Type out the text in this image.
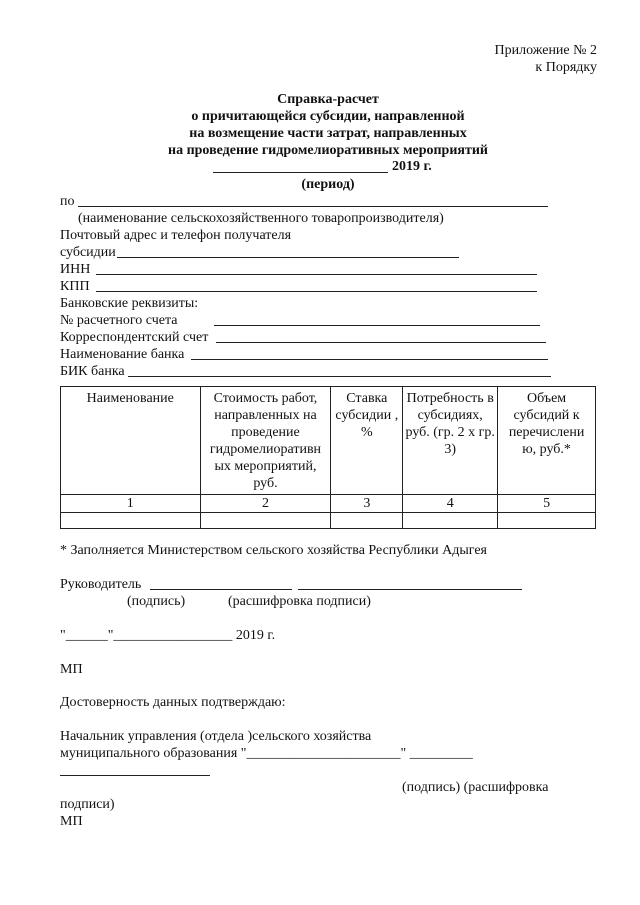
Приложение № 2
к Порядку
Справка-расчет
о причитающейся субсидии, направленной
на возмещение части затрат, направленных
на проведение гидромелиоративных мероприятий
2019 г.
(период)
по
(наименование сельскохозяйственного товаропроизводителя)
Почтовый адрес и телефон получателя
субсидии
ИНН
КПП
Банковские реквизиты:
№ расчетного счета
Корреспондентский счет
Наименование банка
БИК банка
Наименование	Стоимость работ, направленных на проведение гидромелиоративн ых мероприятий, руб.	Ставка субсидии , %	Потребность в субсидиях, руб. (гр. 2 x гр. 3)	Объем субсидий к перечислени ю, руб.*
1	2	3	4	5

* Заполняется Министерством сельского хозяйства Республики Адыгея
Руководитель
(подпись)	(расшифровка подписи)
"______"_________________ 2019 г.
МП
Достоверность данных подтверждаю:
Начальник управления (отдела )сельского хозяйства
муниципального образования "______________________" _________
(подпись) (расшифровка
подписи)
МП
